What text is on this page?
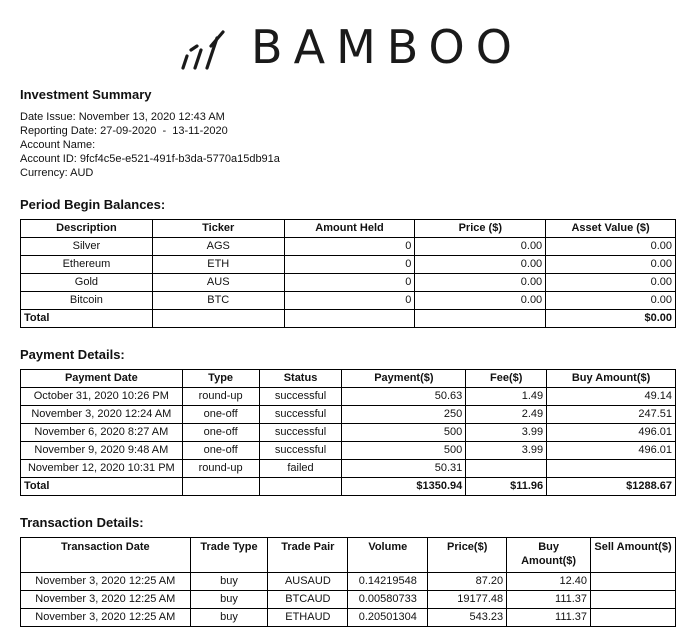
BAMBOO
Investment Summary
Date Issue: November 13, 2020 12:43 AM
Reporting Date: 27-09-2020  -  13-11-2020
Account Name:
Account ID: 9fcf4c5e-e521-491f-b3da-5770a15db91a
Currency: AUD
Period Begin Balances:
Description	Ticker	Amount Held	Price ($)	Asset Value ($)
Silver	AGS	0	0.00	0.00
Ethereum	ETH	0	0.00	0.00
Gold	AUS	0	0.00	0.00
Bitcoin	BTC	0	0.00	0.00
Total				$0.00
Payment Details:
Payment Date	Type	Status	Payment($)	Fee($)	Buy Amount($)
October 31, 2020 10:26 PM	round-up	successful	50.63	1.49	49.14
November 3, 2020 12:24 AM	one-off	successful	250	2.49	247.51
November 6, 2020 8:27 AM	one-off	successful	500	3.99	496.01
November 9, 2020 9:48 AM	one-off	successful	500	3.99	496.01
November 12, 2020 10:31 PM	round-up	failed	50.31		
Total			$1350.94	$11.96	$1288.67
Transaction Details:
Transaction Date	Trade Type	Trade Pair	Volume	Price($)	Buy Amount($)	Sell Amount($)
November 3, 2020 12:25 AM	buy	AUSAUD	0.14219548	87.20	12.40	
November 3, 2020 12:25 AM	buy	BTCAUD	0.00580733	19177.48	111.37	
November 3, 2020 12:25 AM	buy	ETHAUD	0.20501304	543.23	111.37	
